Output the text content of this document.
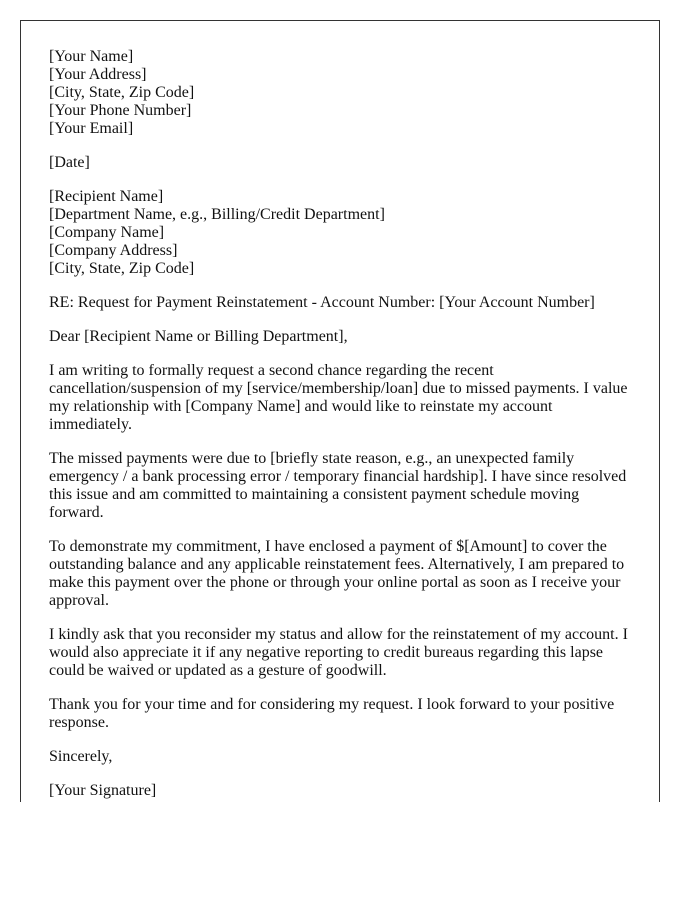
[Your Name]
[Your Address]
[City, State, Zip Code]
[Your Phone Number]
[Your Email]
[Date]
[Recipient Name]
[Department Name, e.g., Billing/Credit Department]
[Company Name]
[Company Address]
[City, State, Zip Code]
RE: Request for Payment Reinstatement - Account Number: [Your Account Number]
Dear [Recipient Name or Billing Department],

I am writing to formally request a second chance regarding the recent cancellation/suspension of my [service/membership/loan] due to missed payments. I value my relationship with [Company Name] and would like to reinstate my account immediately.

The missed payments were due to [briefly state reason, e.g., an unexpected family emergency / a bank processing error / temporary financial hardship]. I have since resolved this issue and am committed to maintaining a consistent payment schedule moving forward.

To demonstrate my commitment, I have enclosed a payment of $[Amount] to cover the outstanding balance and any applicable reinstatement fees. Alternatively, I am prepared to make this payment over the phone or through your online portal as soon as I receive your approval.

I kindly ask that you reconsider my status and allow for the reinstatement of my account. I would also appreciate it if any negative reporting to credit bureaus regarding this lapse could be waived or updated as a gesture of goodwill.

Thank you for your time and for considering my request. I look forward to your positive response.

Sincerely,
[Your Signature]
